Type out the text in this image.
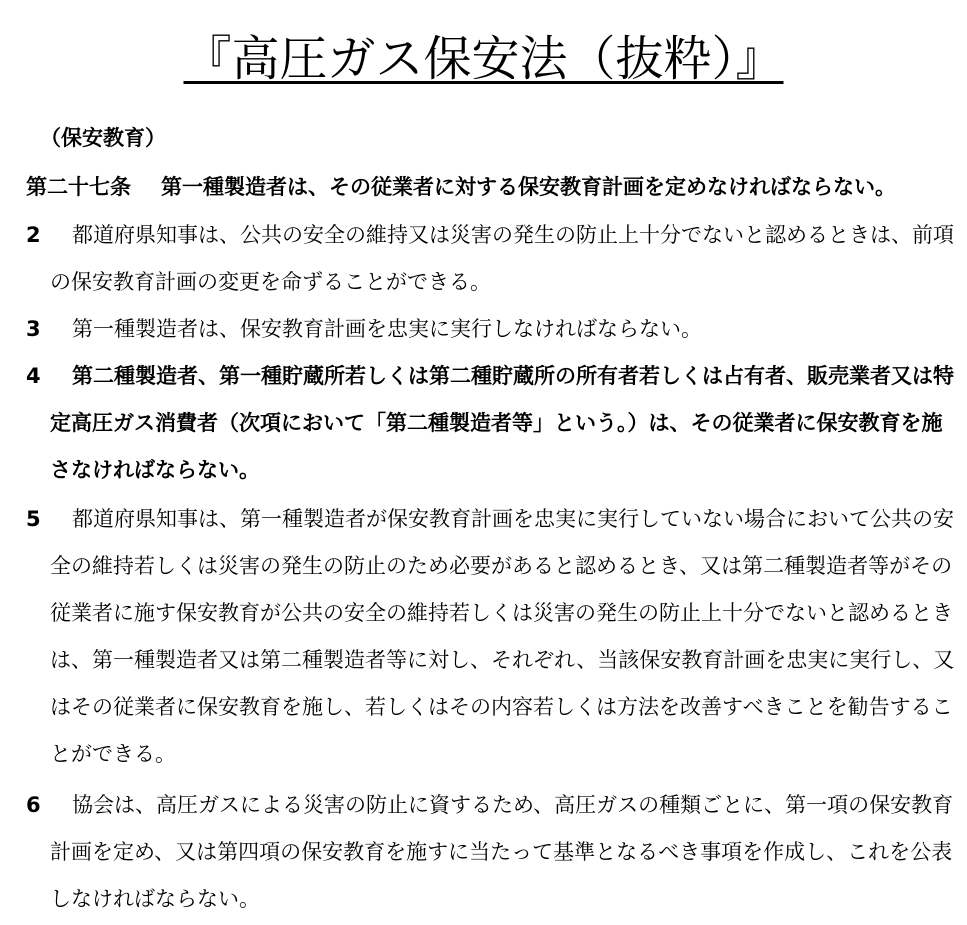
『高圧ガス保安法（抜粋）』
（保安教育）
第二十七条 第一種製造者は、その従業者に対する保安教育計画を定めなければならない。
2	都道府県知事は、公共の安全の維持又は災害の発生の防止上十分でないと認めるときは、前項の保安教育計画の変更を命ずることができる。
3	第一種製造者は、保安教育計画を忠実に実行しなければならない。
4	第二種製造者、第一種貯蔵所若しくは第二種貯蔵所の所有者若しくは占有者、販売業者又は特定高圧ガス消費者（次項において「第二種製造者等」という。）は、その従業者に保安教育を施さなければならない。
5	都道府県知事は、第一種製造者が保安教育計画を忠実に実行していない場合において公共の安全の維持若しくは災害の発生の防止のため必要があると認めるとき、又は第二種製造者等がその従業者に施す保安教育が公共の安全の維持若しくは災害の発生の防止上十分でないと認めるときは、第一種製造者又は第二種製造者等に対し、それぞれ、当該保安教育計画を忠実に実行し、又はその従業者に保安教育を施し、若しくはその内容若しくは方法を改善すべきことを勧告することができる。
6	協会は、高圧ガスによる災害の防止に資するため、高圧ガスの種類ごとに、第一項の保安教育計画を定め、又は第四項の保安教育を施すに当たって基準となるべき事項を作成し、これを公表しなければならない。
